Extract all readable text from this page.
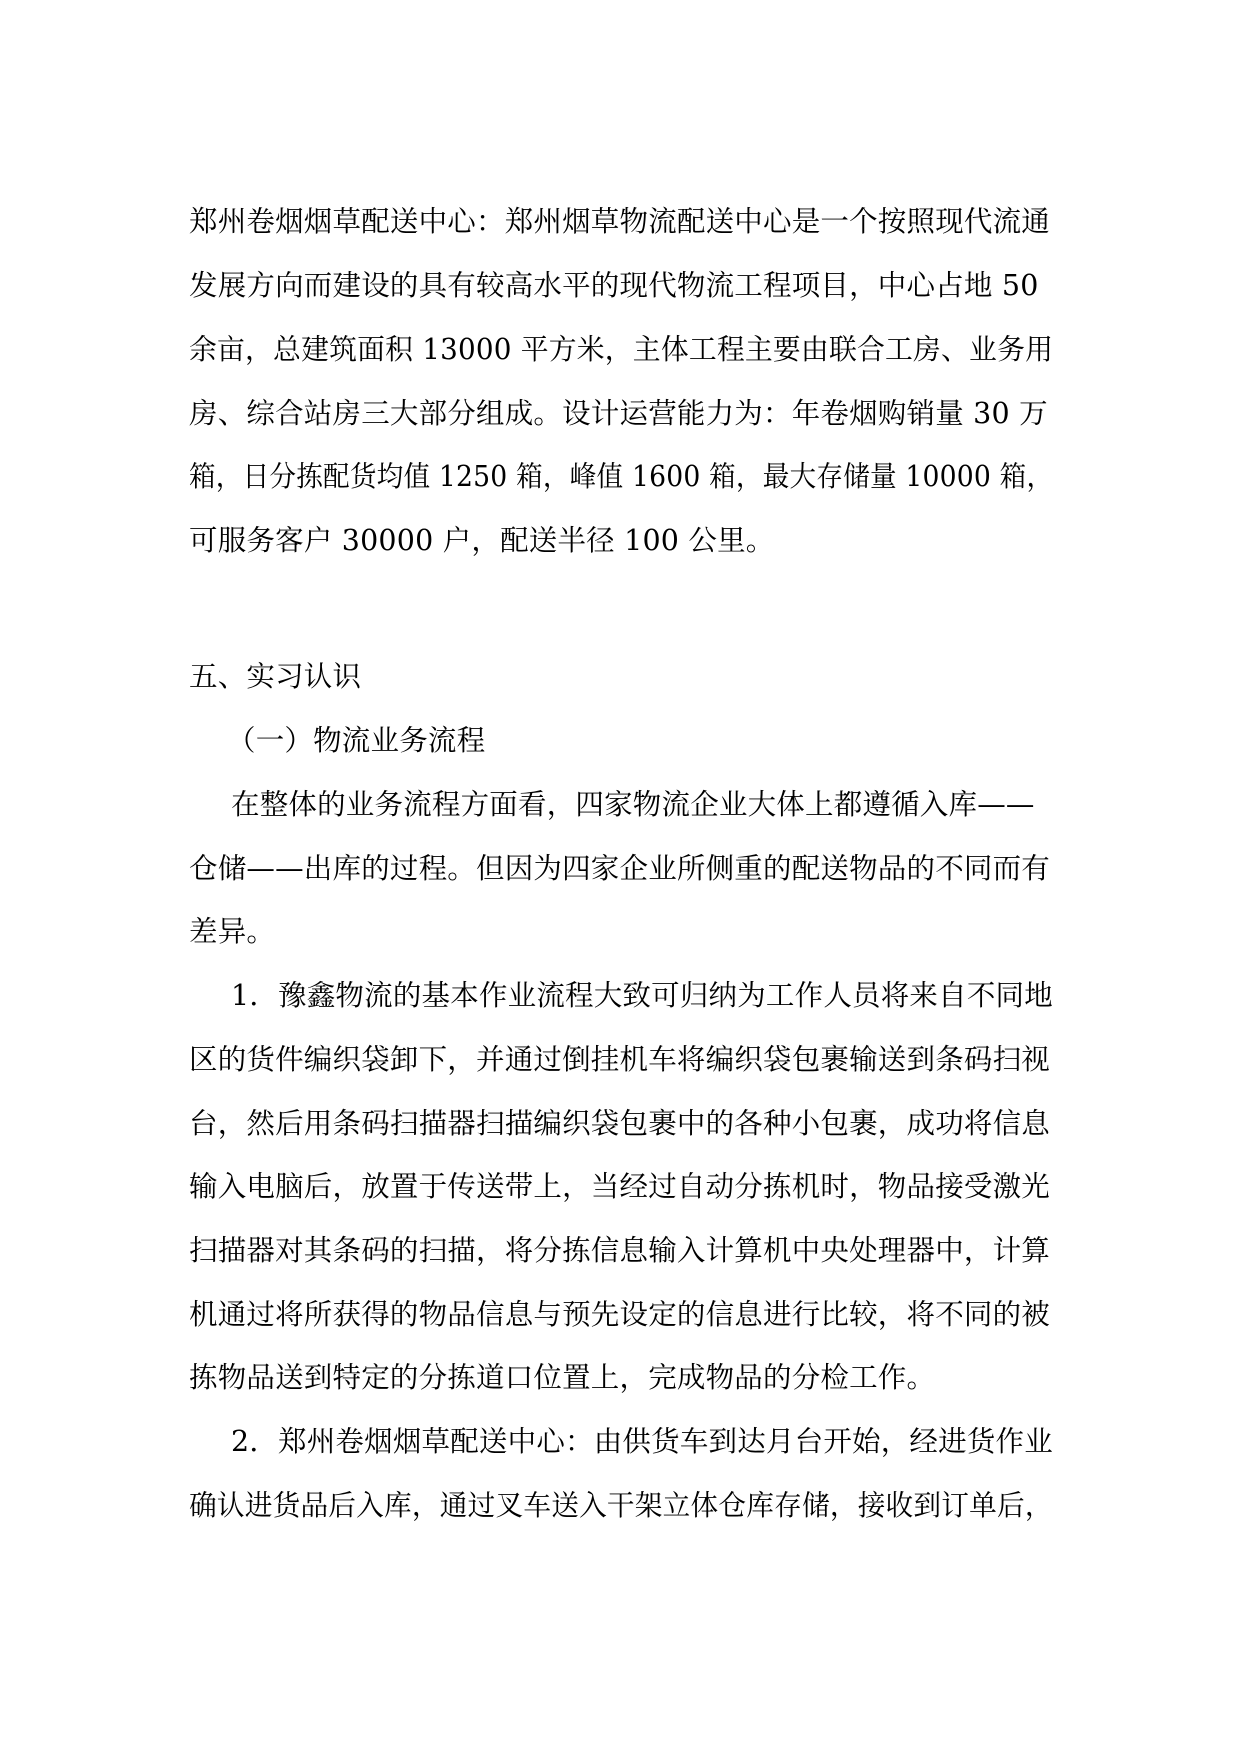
郑州卷烟烟草配送中心：郑州烟草物流配送中心是一个按照现代流通
发展方向而建设的具有较高水平的现代物流工程项目，中心占地 50
余亩，总建筑面积 13000 平方米，主体工程主要由联合工房、业务用
房、综合站房三大部分组成。设计运营能力为：年卷烟购销量 30 万
箱，日分拣配货均值 1250 箱，峰值 1600 箱，最大存储量 10000 箱，
可服务客户 30000 户，配送半径 100 公里。
五、实习认识
（一）物流业务流程
在整体的业务流程方面看，四家物流企业大体上都遵循入库——
仓储——出库的过程。但因为四家企业所侧重的配送物品的不同而有
差异。
1．豫鑫物流的基本作业流程大致可归纳为工作人员将来自不同地
区的货件编织袋卸下，并通过倒挂机车将编织袋包裹输送到条码扫视
台，然后用条码扫描器扫描编织袋包裹中的各种小包裹，成功将信息
输入电脑后，放置于传送带上，当经过自动分拣机时，物品接受激光
扫描器对其条码的扫描，将分拣信息输入计算机中央处理器中，计算
机通过将所获得的物品信息与预先设定的信息进行比较，将不同的被
拣物品送到特定的分拣道口位置上，完成物品的分检工作。
2．郑州卷烟烟草配送中心：由供货车到达月台开始，经进货作业
确认进货品后入库，通过叉车送入干架立体仓库存储，接收到订单后，
